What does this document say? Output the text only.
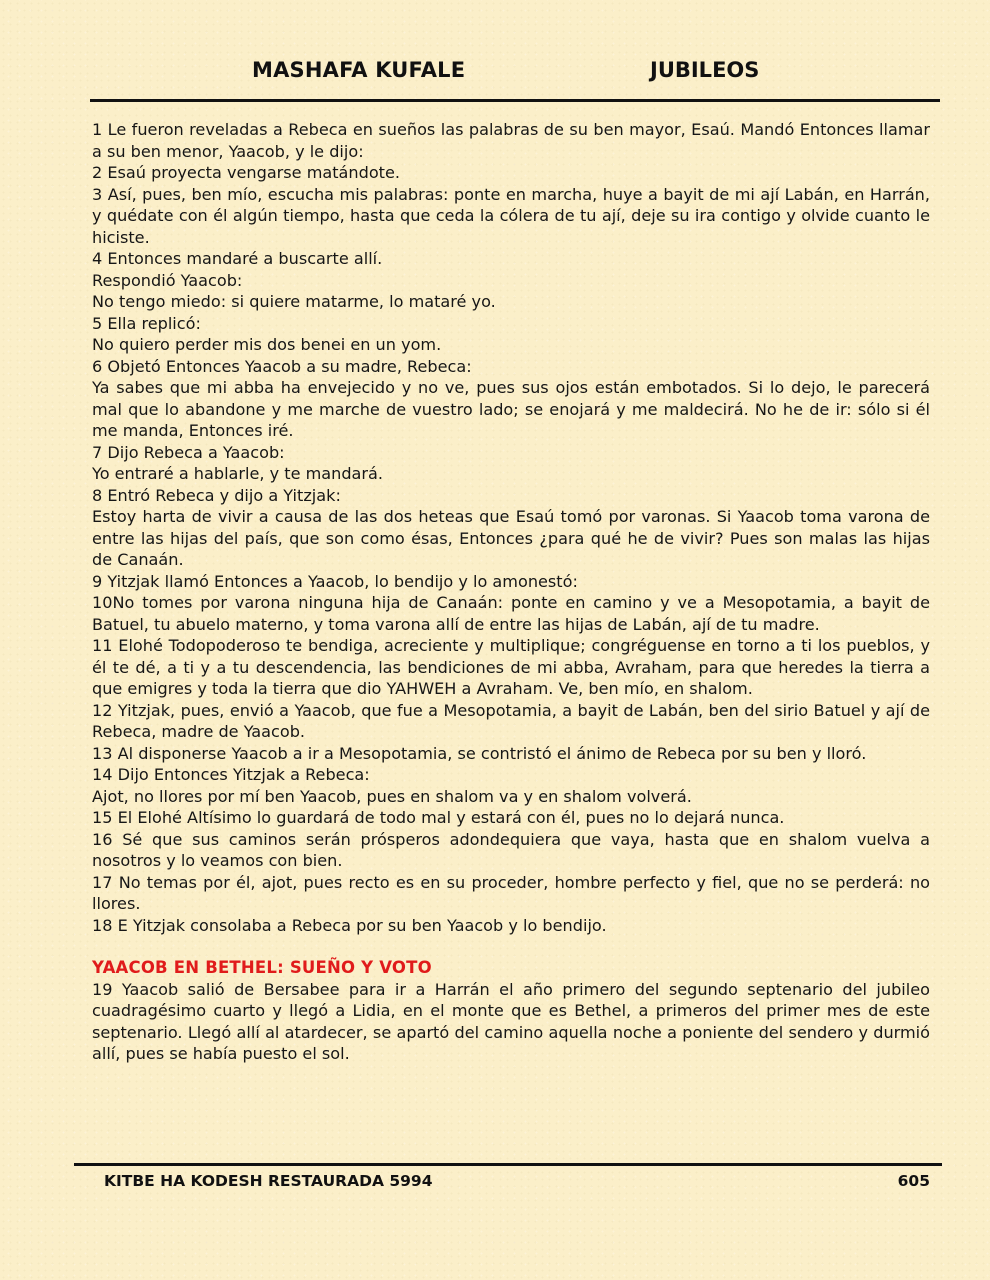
MASHAFA KUFALE	JUBILEOS

1 Le fueron reveladas a Rebeca en sueños las palabras de su ben mayor, Esaú. Mandó Entonces llamar a su ben menor, Yaacob, y le dijo:

2 Esaú proyecta vengarse matándote.

3 Así, pues, ben mío, escucha mis palabras: ponte en marcha, huye a bayit de mi ají Labán, en Harrán, y quédate con él algún tiempo, hasta que ceda la cólera de tu ají, deje su ira contigo y olvide cuanto le hiciste.

4 Entonces mandaré a buscarte allí.

Respondió Yaacob:

No tengo miedo: si quiere matarme, lo mataré yo.

5 Ella replicó:

No quiero perder mis dos benei en un yom.

6 Objetó Entonces Yaacob a su madre, Rebeca:

Ya sabes que mi abba ha envejecido y no ve, pues sus ojos están embotados. Si lo dejo, le parecerá mal que lo abandone y me marche de vuestro lado; se enojará y me maldecirá. No he de ir: sólo si él me manda, Entonces iré.

7 Dijo Rebeca a Yaacob:

Yo entraré a hablarle, y te mandará.

8 Entró Rebeca y dijo a Yitzjak:

Estoy harta de vivir a causa de las dos heteas que Esaú tomó por varonas. Si Yaacob toma varona de entre las hijas del país, que son como ésas, Entonces ¿para qué he de vivir? Pues son malas las hijas de Canaán.

9 Yitzjak llamó Entonces a Yaacob, lo bendijo y lo amonestó:

10No tomes por varona ninguna hija de Canaán: ponte en camino y ve a Mesopotamia, a bayit de Batuel, tu abuelo materno, y toma varona allí de entre las hijas de Labán, ají de tu madre.

11 Elohé Todopoderoso te bendiga, acreciente y multiplique; congréguense en torno a ti los pueblos, y él te dé, a ti y a tu descendencia, las bendiciones de mi abba, Avraham, para que heredes la tierra a que emigres y toda la tierra que dio YAHWEH a Avraham. Ve, ben mío, en shalom.

12 Yitzjak, pues, envió a Yaacob, que fue a Mesopotamia, a bayit de Labán, ben del sirio Batuel y ají de Rebeca, madre de Yaacob.

13 Al disponerse Yaacob a ir a Mesopotamia, se contristó el ánimo de Rebeca por su ben y lloró.

14 Dijo Entonces Yitzjak a Rebeca:

Ajot, no llores por mí ben Yaacob, pues en shalom va y en shalom volverá.

15 El Elohé Altísimo lo guardará de todo mal y estará con él, pues no lo dejará nunca.

16 Sé que sus caminos serán prósperos adondequiera que vaya, hasta que en shalom vuelva a nosotros y lo veamos con bien.

17 No temas por él, ajot, pues recto es en su proceder, hombre perfecto y fiel, que no se perderá: no llores.

18 E Yitzjak consolaba a Rebeca por su ben Yaacob y lo bendijo.

YAACOB EN BETHEL: SUEÑO Y VOTO

19 Yaacob salió de Bersabee para ir a Harrán el año primero del segundo septenario del jubileo cuadragésimo cuarto y llegó a Lidia, en el monte que es Bethel, a primeros del primer mes de este septenario. Llegó allí al atardecer, se apartó del camino aquella noche a poniente del sendero y durmió allí, pues se había puesto el sol.

KITBE HA KODESH RESTAURADA 5994	605
